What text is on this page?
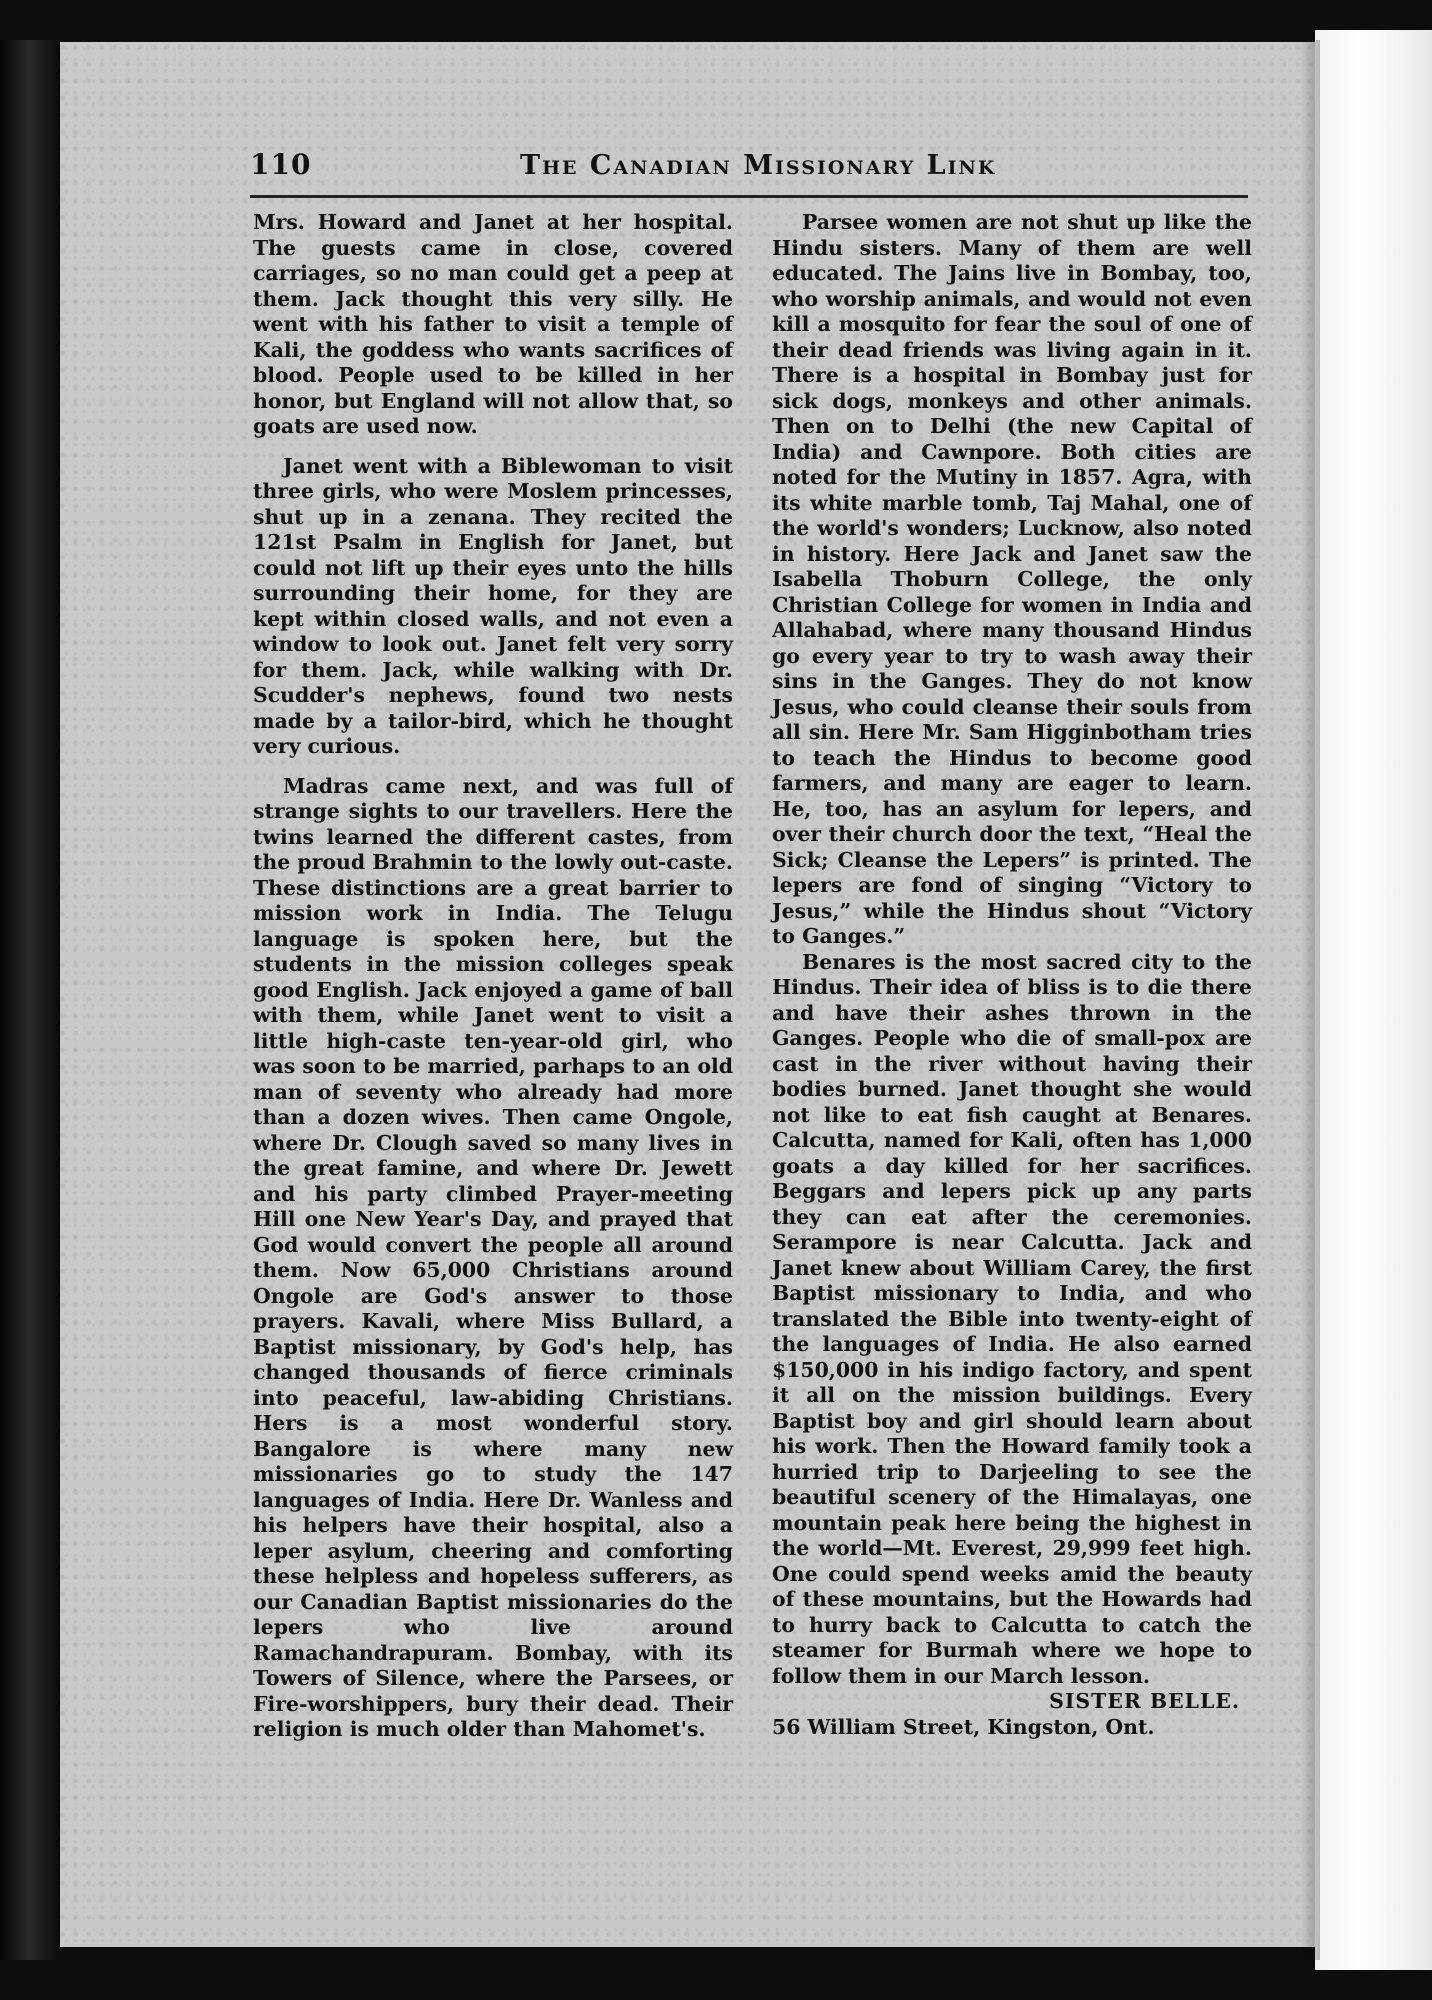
110	The Canadian Missionary Link

Mrs. Howard and Janet at her hospital. The guests came in close, covered carriages, so no man could get a peep at them. Jack thought this very silly. He went with his father to visit a temple of Kali, the goddess who wants sacrifices of blood. People used to be killed in her honor, but England will not allow that, so goats are used now.

Janet went with a Biblewoman to visit three girls, who were Moslem princesses, shut up in a zenana. They recited the 121st Psalm in English for Janet, but could not lift up their eyes unto the hills surrounding their home, for they are kept within closed walls, and not even a window to look out. Janet felt very sorry for them. Jack, while walking with Dr. Scudder's nephews, found two nests made by a tailor-bird, which he thought very curious.

Madras came next, and was full of strange sights to our travellers. Here the twins learned the different castes, from the proud Brahmin to the lowly out-caste. These distinctions are a great barrier to mission work in India. The Telugu language is spoken here, but the students in the mission colleges speak good English. Jack enjoyed a game of ball with them, while Janet went to visit a little high-caste ten-year-old girl, who was soon to be married, parhaps to an old man of seventy who already had more than a dozen wives. Then came Ongole, where Dr. Clough saved so many lives in the great famine, and where Dr. Jewett and his party climbed Prayer-meeting Hill one New Year's Day, and prayed that God would convert the people all around them. Now 65,000 Christians around Ongole are God's answer to those prayers. Kavali, where Miss Bullard, a Baptist missionary, by God's help, has changed thousands of fierce criminals into peaceful, law-abiding Christians. Hers is a most wonderful story. Bangalore is where many new missionaries go to study the 147 languages of India. Here Dr. Wanless and his helpers have their hospital, also a leper asylum, cheering and comforting these helpless and hopeless sufferers, as our Canadian Baptist missionaries do the lepers who live around Ramachandrapuram. Bombay, with its Towers of Silence, where the Parsees, or Fire-worshippers, bury their dead. Their religion is much older than Mahomet's.

Parsee women are not shut up like the Hindu sisters. Many of them are well educated. The Jains live in Bombay, too, who worship animals, and would not even kill a mosquito for fear the soul of one of their dead friends was living again in it. There is a hospital in Bombay just for sick dogs, monkeys and other animals. Then on to Delhi (the new Capital of India) and Cawnpore. Both cities are noted for the Mutiny in 1857. Agra, with its white marble tomb, Taj Mahal, one of the world's wonders; Lucknow, also noted in history. Here Jack and Janet saw the Isabella Thoburn College, the only Christian College for women in India and Allahabad, where many thousand Hindus go every year to try to wash away their sins in the Ganges. They do not know Jesus, who could cleanse their souls from all sin. Here Mr. Sam Higginbotham tries to teach the Hindus to become good farmers, and many are eager to learn. He, too, has an asylum for lepers, and over their church door the text, “Heal the Sick; Cleanse the Lepers” is printed. The lepers are fond of singing “Victory to Jesus,” while the Hindus shout “Victory to Ganges.”

Benares is the most sacred city to the Hindus. Their idea of bliss is to die there and have their ashes thrown in the Ganges. People who die of small-pox are cast in the river without having their bodies burned. Janet thought she would not like to eat fish caught at Benares. Calcutta, named for Kali, often has 1,000 goats a day killed for her sacrifices. Beggars and lepers pick up any parts they can eat after the ceremonies. Serampore is near Calcutta. Jack and Janet knew about William Carey, the first Baptist missionary to India, and who translated the Bible into twenty-eight of the languages of India. He also earned $150,000 in his indigo factory, and spent it all on the mission buildings. Every Baptist boy and girl should learn about his work. Then the Howard family took a hurried trip to Darjeeling to see the beautiful scenery of the Himalayas, one mountain peak here being the highest in the world—Mt. Everest, 29,999 feet high. One could spend weeks amid the beauty of these mountains, but the Howards had to hurry back to Calcutta to catch the steamer for Burmah where we hope to follow them in our March lesson.

SISTER BELLE.

56 William Street, Kingston, Ont.
